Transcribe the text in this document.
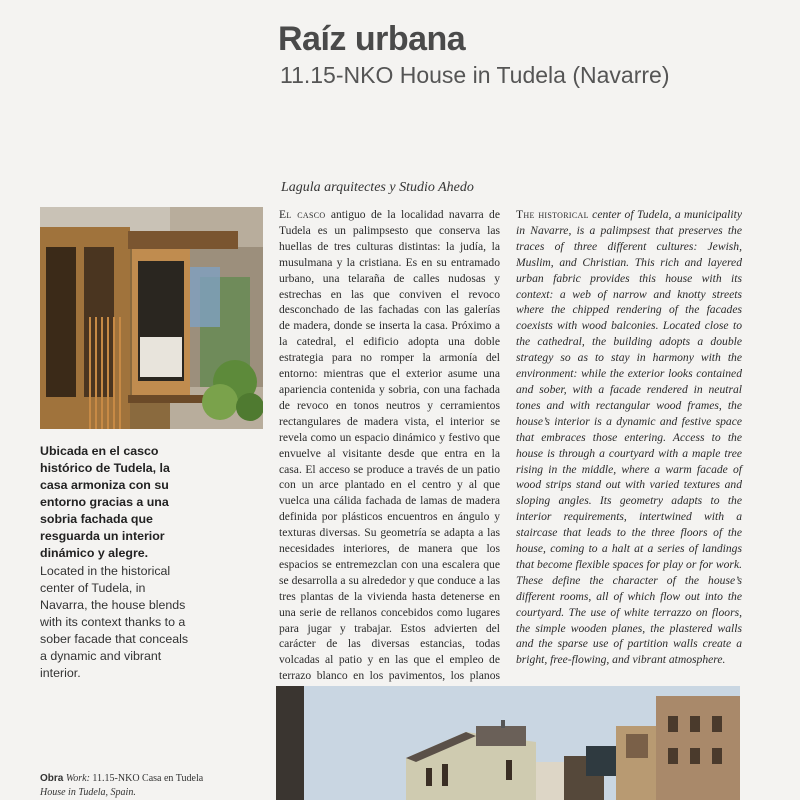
Raíz urbana
11.15-NKO House in Tudela (Navarre)
Lagula arquitectes y Studio Ahedo
Ubicada en el casco histórico de Tudela, la casa armoniza con su entorno gracias a una sobria fachada que resguarda un interior dinámico y alegre.
Located in the historical center of Tudela, in Navarra, the house blends with its context thanks to a sober facade that conceals a dynamic and vibrant interior.
El casco antiguo de la localidad navarra de Tudela es un palimpsesto que conserva las huellas de tres culturas distintas: la judía, la musulmana y la cristiana. Es en su entramado urbano, una telaraña de calles nudosas y estrechas en las que conviven el revoco desconchado de las fachadas con las galerías de madera, donde se inserta la casa. Próximo a la catedral, el edificio adopta una doble estrategia para no romper la armonía del entorno: mientras que el exterior asume una apariencia contenida y sobria, con una fachada de revoco en tonos neutros y cerramientos rectangulares de madera vista, el interior se revela como un espacio dinámico y festivo que envuelve al visitante desde que entra en la casa. El acceso se produce a través de un patio con un arce plantado en el centro y al que vuelca una cálida fachada de lamas de madera definida por plásticos encuentros en ángulo y texturas diversas. Su geometría se adapta a las necesidades interiores, de manera que los espacios se entremezclan con una escalera que se desarrolla a su alrededor y que conduce a las tres plantas de la vivienda hasta detenerse en una serie de rellanos concebidos como lugares para jugar y trabajar. Estos advierten del carácter de las diversas estancias, todas volcadas al patio y en las que el empleo de terrazo blanco en los pavimentos, los planos
The historical center of Tudela, a municipality in Navarre, is a palimpsest that preserves the traces of three different cultures: Jewish, Muslim, and Christian. This rich and layered urban fabric provides this house with its context: a web of narrow and knotty streets where the chipped rendering of the facades coexists with wood balconies. Located close to the cathedral, the building adopts a double strategy so as to stay in harmony with the environment: while the exterior looks contained and sober, with a facade rendered in neutral tones and with rectangular wood frames, the house’s interior is a dynamic and festive space that embraces those entering. Access to the house is through a courtyard with a maple tree rising in the middle, where a warm facade of wood strips stand out with varied textures and sloping angles. Its geometry adapts to the interior requirements, intertwined with a staircase that leads to the three floors of the house, coming to a halt at a series of landings that become flexible spaces for play or for work. These define the character of the house’s different rooms, all of which flow out into the courtyard. The use of white terrazzo on floors, the simple wooden planes, the plastered walls and the sparse use of partition walls create a bright, free-flowing, and vibrant atmosphere.
Obra Work: 11.15-NKO Casa en Tudela House in Tudela, Spain.
